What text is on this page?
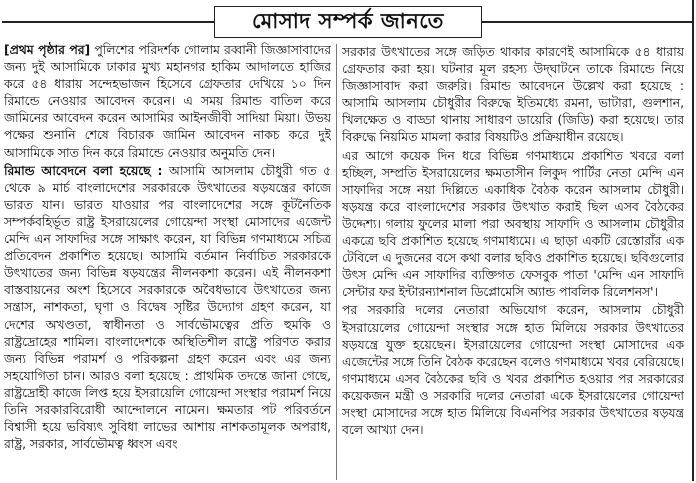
মোসাদ সম্পর্ক জানতে

[প্রথম পৃষ্ঠার পর] পুলিশের পরিদর্শক গোলাম রব্বানী জিজ্ঞাসাবাদের জন্য দুই আসামিকে ঢাকার মুখ্য মহানগর হাকিম আদালতে হাজির করে ৫৪ ধারায় সন্দেহভাজন হিসেবে গ্রেফতার দেখিয়ে ১০ দিন রিমান্ডে নেওয়ার আবেদন করেন। এ সময় রিমান্ড বাতিল করে জামিনের আবেদন করেন আসামির আইনজীবী সাদিয়া মিয়া। উভয় পক্ষের শুনানি শেষে বিচারক জামিন আবেদন নাকচ করে দুই আসামিকে সাত দিন করে রিমান্ডে নেওয়ার অনুমতি দেন।

রিমান্ড আবেদনে বলা হয়েছে : আসামি আসলাম চৌধুরী গত ৫ থেকে ৯ মার্চ বাংলাদেশের সরকারকে উৎখাতের ষড়যন্ত্রের কাজে ভারত যান। ভারত যাওয়ার পর বাংলাদেশের সঙ্গে কূটনৈতিক সম্পর্কবহির্ভূত রাষ্ট্র ইসরায়েলের গোয়েন্দা সংস্থা মোসাদের এজেন্ট মেন্দি এন সাফাদির সঙ্গে সাক্ষাৎ করেন, যা বিভিন্ন গণমাধ্যমে সচিত্র প্রতিবেদন প্রকাশিত হয়েছে। আসামি বর্তমান নির্বাচিত সরকারকে উৎখাতের জন্য বিভিন্ন ষড়যন্ত্রের নীলনকশা করেন। এই নীলনকশা বাস্তবায়নের অংশ হিসেবে সরকারকে অবৈধভাবে উৎখাতের জন্য সন্ত্রাস, নাশকতা, ঘৃণা ও বিদ্বেষ সৃষ্টির উদ্যোগ গ্রহণ করেন, যা দেশের অখণ্ডতা, স্বাধীনতা ও সার্বভৌমত্বের প্রতি হুমকি ও রাষ্ট্রদ্রোহের শামিল। বাংলাদেশকে অস্থিতিশীল রাষ্ট্রে পরিণত করার জন্য বিভিন্ন পরামর্শ ও পরিকল্পনা গ্রহণ করেন এবং এর জন্য সহযোগিতা চান। আরও বলা হয়েছে : প্রাথমিক তদন্তে জানা গেছে, রাষ্ট্রদ্রোহী কাজে লিপ্ত হয়ে ইসরায়েলি গোয়েন্দা সংস্থার পরামর্শ নিয়ে তিনি সরকারবিরোধী আন্দোলনে নামেন। ক্ষমতার পট পরিবর্তনে বিশ্বাসী হয়ে ভবিষ্যৎ সুবিধা লাভের আশায় নাশকতামূলক অপরাধ, রাষ্ট্র, সরকার, সার্বভৌমত্ব ধ্বংস এবং

সরকার উৎখাতের সঙ্গে জড়িত থাকার কারণেই আসামিকে ৫৪ ধারায় গ্রেফতার করা হয়। ঘটনার মূল রহস্য উদ্‌ঘাটনে তাকে রিমান্ডে নিয়ে জিজ্ঞাসাবাদ করা জরুরি। রিমান্ড আবেদনে উল্লেখ করা হয়েছে : আসামি আসলাম চৌধুরীর বিরুদ্ধে ইতিমধ্যে রমনা, ভাটারা, গুলশান, খিলক্ষেত ও বাড্ডা থানায় সাধারণ ডায়েরি (জিডি) করা হয়েছে। তার বিরুদ্ধে নিয়মিত মামলা করার বিষয়টিও প্রক্রিয়াধীন রয়েছে।

এর আগে কয়েক দিন ধরে বিভিন্ন গণমাধ্যমে প্রকাশিত খবরে বলা হচ্ছিল, সম্প্রতি ইসরায়েলের ক্ষমতাসীন লিকুদ পার্টির নেতা মেন্দি এন সাফাদির সঙ্গে নয়া দিল্লিতে একাধিক বৈঠক করেন আসলাম চৌধুরী। ষড়যন্ত্র করে বাংলাদেশের সরকার উৎখাত করাই ছিল এসব বৈঠকের উদ্দেশ্য। গলায় ফুলের মালা পরা অবস্থায় সাফাদি ও আসলাম চৌধুরীর একত্রে ছবি প্রকাশিত হয়েছে গণমাধ্যমে। এ ছাড়া একটি রেস্তোরাঁর এক টেবিলে এ দুজনের বসে কথা বলার ছবিও প্রকাশিত হয়েছে। ছবিগুলোর উৎস মেন্দি এন সাফাদির ব্যক্তিগত ফেসবুক পাতা 'মেন্দি এন সাফাদি সেন্টার ফর ইন্টারন্যাশনাল ডিপ্লোমেসি অ্যান্ড পাবলিক রিলেশনস'।

পর সরকারি দলের নেতারা অভিযোগ করেন, আসলাম চৌধুরী ইসরায়েলের গোয়েন্দা সংস্থার সঙ্গে হাত মিলিয়ে সরকার উৎখাতের ষড়যন্ত্রে যুক্ত হয়েছেন। ইসরায়েলের গোয়েন্দা সংস্থা মোসাদের এক এজেন্টের সঙ্গে তিনি বৈঠক করেছেন বলেও গণমাধ্যমে খবর বেরিয়েছে। গণমাধ্যমে এসব বৈঠকের ছবি ও খবর প্রকাশিত হওয়ার পর সরকারের কয়েকজন মন্ত্রী ও সরকারি দলের নেতারা একে ইসরায়েলের গোয়েন্দা সংস্থা মোসাদের সঙ্গে হাত মিলিয়ে বিএনপির সরকার উৎখাতের ষড়যন্ত্র বলে আখ্যা দেন।
